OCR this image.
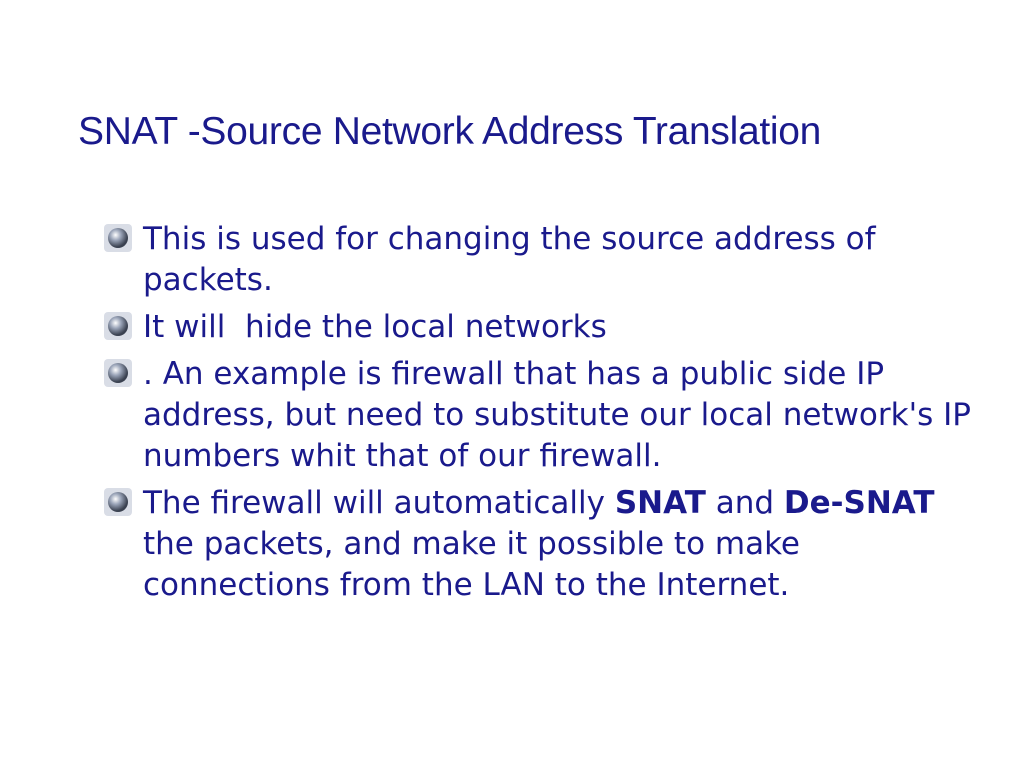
SNAT -Source Network Address Translation
This is used for changing the source address of packets.
It will  hide the local networks
. An example is firewall that has a public side IP address, but need to substitute our local network's IP numbers whit that of our firewall.
The firewall will automatically SNAT and De-SNAT the packets, and make it possible to make connections from the LAN to the Internet.
